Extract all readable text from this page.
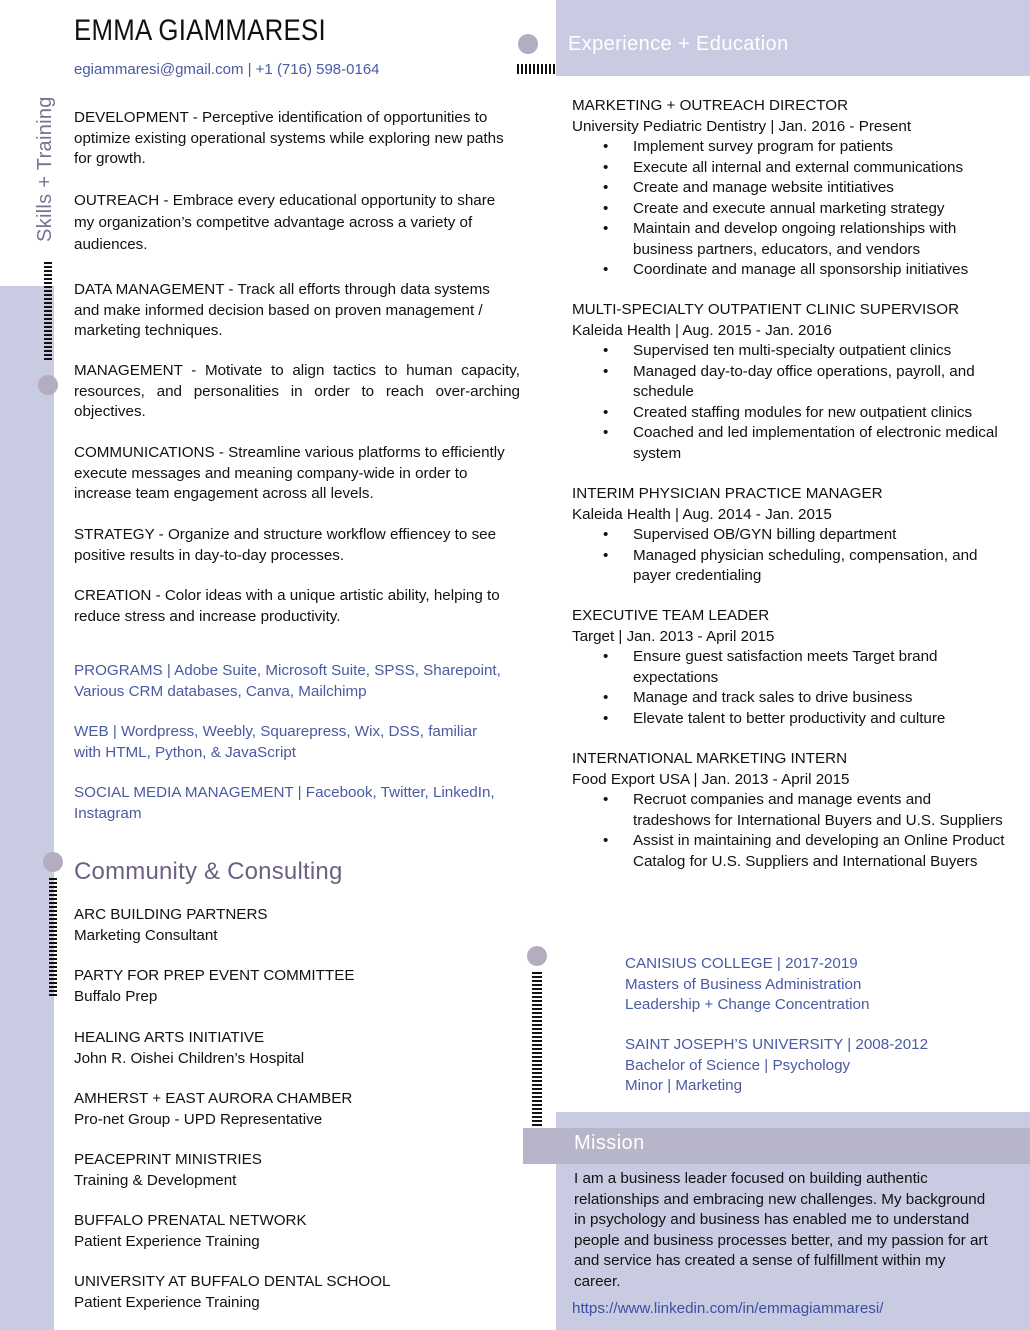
EMMA GIAMMARESI
egiammaresi@gmail.com | +1 (716) 598-0164
Skills + Training DEVELOPMENT - Perceptive identification of opportunities to optimize existing operational systems while exploring new paths for growth.
OUTREACH - Embrace every educational opportunity to share my organization’s competitve advantage across a variety of audiences.
DATA MANAGEMENT - Track all efforts through data systems and make informed decision based on proven management / marketing techniques.
MANAGEMENT - Motivate to align tactics to human capacity, resources, and personalities in order to reach over-arching objectives.
COMMUNICATIONS - Streamline various platforms to efficiently execute messages and meaning company-wide in order to increase team engagement across all levels.
STRATEGY - Organize and structure workflow effiencey to see positive results in day-to-day processes.
CREATION - Color ideas with a unique artistic ability, helping to reduce stress and increase productivity.
PROGRAMS | Adobe Suite, Microsoft Suite, SPSS, Sharepoint, Various CRM databases, Canva, Mailchimp
WEB | Wordpress, Weebly, Squarepress, Wix, DSS, familiar with HTML, Python, & JavaScript
SOCIAL MEDIA MANAGEMENT | Facebook, Twitter, LinkedIn, Instagram
Community & Consulting
ARC BUILDING PARTNERS
Marketing Consultant
PARTY FOR PREP EVENT COMMITTEE
Buffalo Prep
HEALING ARTS INITIATIVE
John R. Oishei Children’s Hospital
AMHERST + EAST AURORA CHAMBER
Pro-net Group - UPD Representative
PEACEPRINT MINISTRIES
Training & Development
BUFFALO PRENATAL NETWORK
Patient Experience Training
UNIVERSITY AT BUFFALO DENTAL SCHOOL
Patient Experience Training
Experience + Education
MARKETING + OUTREACH DIRECTOR
University Pediatric Dentistry | Jan. 2016 - Present
• Implement survey program for patients
• Execute all internal and external communications
• Create and manage website intitiatives
• Create and execute annual marketing strategy
• Maintain and develop ongoing relationships with business partners, educators, and vendors
• Coordinate and manage all sponsorship initiatives
MULTI-SPECIALTY OUTPATIENT CLINIC SUPERVISOR
Kaleida Health | Aug. 2015 - Jan. 2016
• Supervised ten multi-specialty outpatient clinics
• Managed day-to-day office operations, payroll, and schedule
• Created staffing modules for new outpatient clinics
• Coached and led implementation of electronic medical system
INTERIM PHYSICIAN PRACTICE MANAGER
Kaleida Health | Aug. 2014 - Jan. 2015
• Supervised OB/GYN billing department
• Managed physician scheduling, compensation, and payer credentialing
EXECUTIVE TEAM LEADER
Target | Jan. 2013 - April 2015
• Ensure guest satisfaction meets Target brand expectations
• Manage and track sales to drive business
• Elevate talent to better productivity and culture
INTERNATIONAL MARKETING INTERN
Food Export USA | Jan. 2013 - April 2015
• Recruot companies and manage events and tradeshows for International Buyers and U.S. Suppliers
• Assist in maintaining and developing an Online Product Catalog for U.S. Suppliers and International Buyers
CANISIUS COLLEGE | 2017-2019
Masters of Business Administration
Leadership + Change Concentration
SAINT JOSEPH’S UNIVERSITY | 2008-2012
Bachelor of Science | Psychology
Minor | Marketing
Mission
I am a business leader focused on building authentic relationships and embracing new challenges. My background in psychology and business has enabled me to understand people and business processes better, and my passion for art and service has created a sense of fulfillment within my career.
https://www.linkedin.com/in/emmagiammaresi/
